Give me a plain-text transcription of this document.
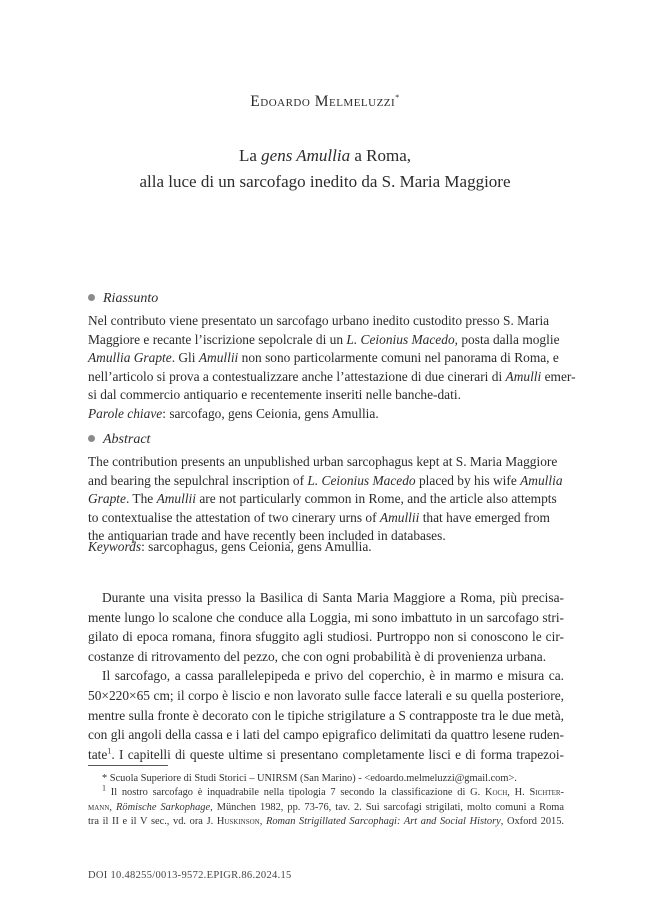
Edoardo Melmeluzzi*
La gens Amullia a Roma,
alla luce di un sarcofago inedito da S. Maria Maggiore
Riassunto
Nel contributo viene presentato un sarcofago urbano inedito custodito presso S. Maria
Maggiore e recante l’iscrizione sepolcrale di un L. Ceionius Macedo, posta dalla moglie
Amullia Grapte. Gli Amullii non sono particolarmente comuni nel panorama di Roma, e
nell’articolo si prova a contestualizzare anche l’attestazione di due cinerari di Amulli emer-
si dal commercio antiquario e recentemente inseriti nelle banche-dati.
Parole chiave: sarcofago, gens Ceionia, gens Amullia.
Abstract
The contribution presents an unpublished urban sarcophagus kept at S. Maria Maggiore
and bearing the sepulchral inscription of L. Ceionius Macedo placed by his wife Amullia
Grapte. The Amullii are not particularly common in Rome, and the article also attempts
to contextualise the attestation of two cinerary urns of Amullii that have emerged from
the antiquarian trade and have recently been included in databases.
Keywords: sarcophagus, gens Ceionia, gens Amullia.
Durante una visita presso la Basilica di Santa Maria Maggiore a Roma, più precisa-
mente lungo lo scalone che conduce alla Loggia, mi sono imbattuto in un sarcofago stri-
gilato di epoca romana, finora sfuggito agli studiosi. Purtroppo non si conoscono le cir-
costanze di ritrovamento del pezzo, che con ogni probabilità è di provenienza urbana.
Il sarcofago, a cassa parallelepipeda e privo del coperchio, è in marmo e misura ca.
50×220×65 cm; il corpo è liscio e non lavorato sulle facce laterali e su quella posteriore,
mentre sulla fronte è decorato con le tipiche strigilature a S contrapposte tra le due metà,
con gli angoli della cassa e i lati del campo epigrafico delimitati da quattro lesene ruden-
tate$^1$. I capitelli di queste ultime si presentano completamente lisci e di forma trapezoi-
* Scuola Superiore di Studi Storici – UNIRSM (San Marino) - <edoardo.melmeluzzi@gmail.com>.
$^1$ Il nostro sarcofago è inquadrabile nella tipologia 7 secondo la classificazione di G. Koch, H. Sichter-
mann, Römische Sarkophage, München 1982, pp. 73-76, tav. 2. Sui sarcofagi strigilati, molto comuni a Roma
tra il II e il V sec., vd. ora J. Huskinson, Roman Strigillated Sarcophagi: Art and Social History, Oxford 2015.
DOI 10.48255/0013-9572.EPIGR.86.2024.15
